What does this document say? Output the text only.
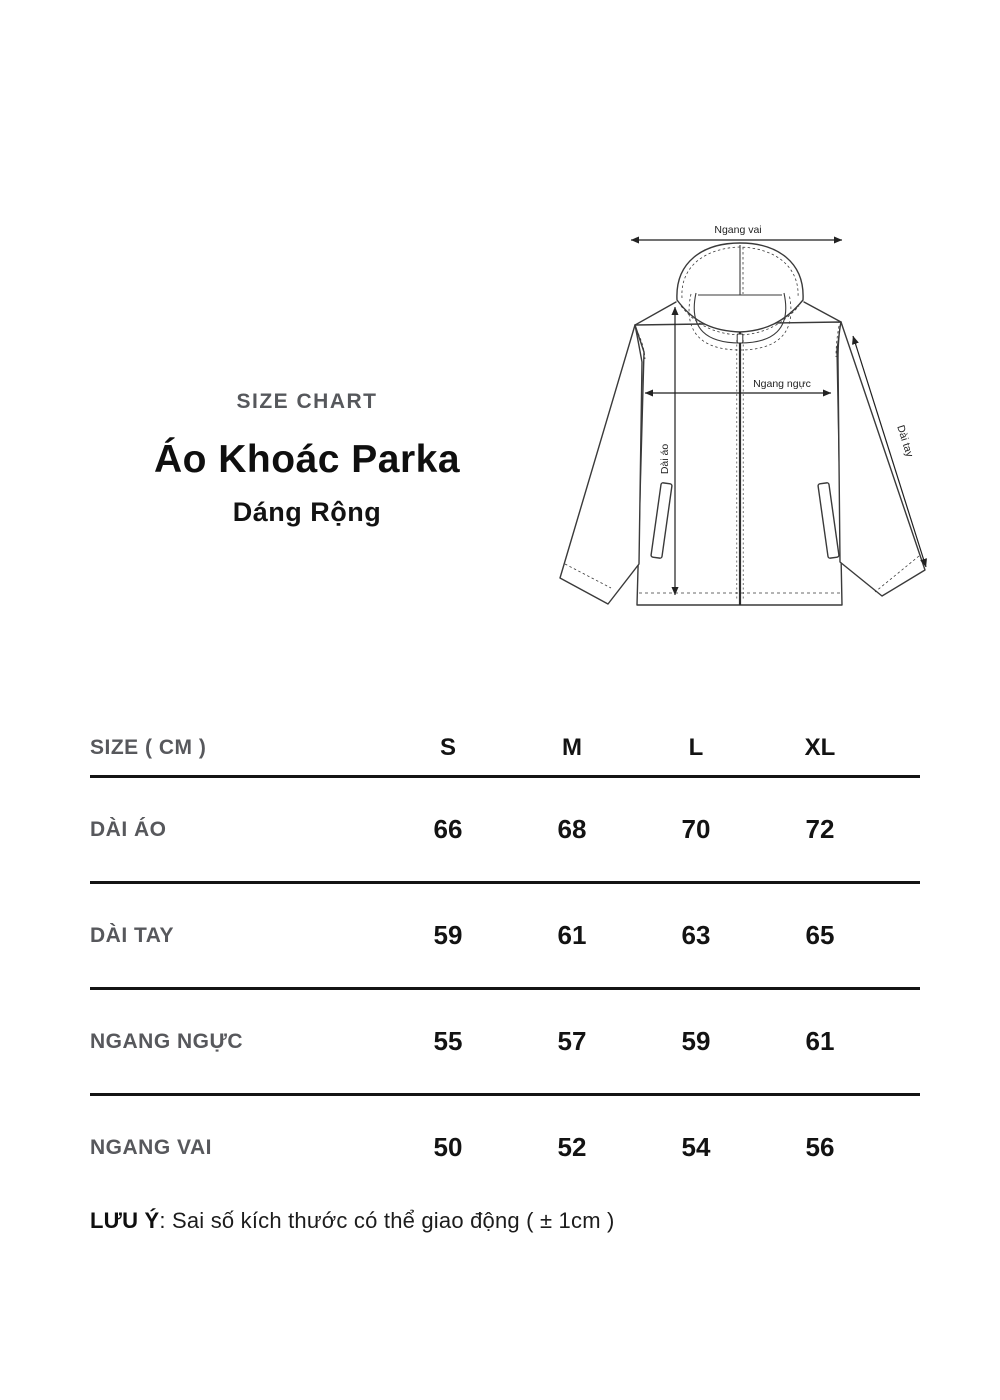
SIZE CHART
Áo Khoác Parka
Dáng Rộng
Ngang vai
Ngang ngực
Dài áo
Dài tay
SIZE ( CM )	S	M	L	XL
DÀI ÁO	66	68	70	72
DÀI TAY	59	61	63	65
NGANG NGỰC	55	57	59	61
NGANG VAI	50	52	54	56

LƯU Ý: Sai số kích thước có thể giao động ( ± 1cm )
